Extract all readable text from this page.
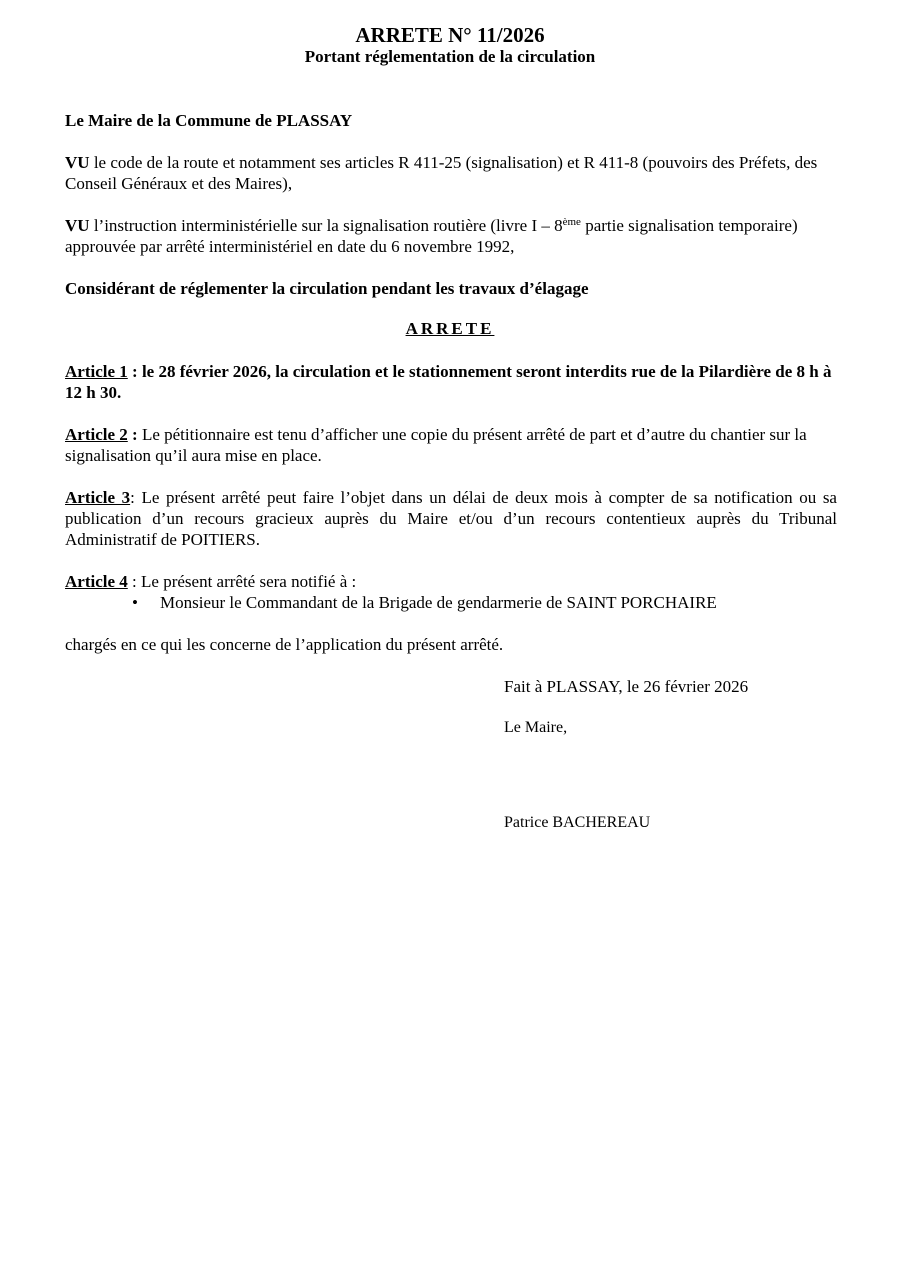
ARRETE N° 11/2026
Portant réglementation de la circulation
Le Maire de la Commune de PLASSAY
VU le code de la route et notamment ses articles R 411-25 (signalisation) et R 411-8 (pouvoirs des Préfets, des Conseil Généraux et des Maires),
VU l’instruction interministérielle sur la signalisation routière (livre I – 8ème partie signalisation temporaire) approuvée par arrêté interministériel en date du 6 novembre 1992,
Considérant de réglementer la circulation pendant les travaux d’élagage
ARRETE
Article 1 : le 28 février 2026, la circulation et le stationnement seront interdits rue de la Pilardière de 8 h à 12 h 30.
Article 2 : Le pétitionnaire est tenu d’afficher une copie du présent arrêté de part et d’autre du chantier sur la signalisation qu’il aura mise en place.
Article 3: Le présent arrêté peut faire l’objet dans un délai de deux mois à compter de sa notification ou sa publication d’un recours gracieux auprès du Maire et/ou d’un recours contentieux auprès du Tribunal Administratif de POITIERS.
Article 4 : Le présent arrêté sera notifié à :
• Monsieur le Commandant de la Brigade de gendarmerie de SAINT PORCHAIRE
chargés en ce qui les concerne de l’application du présent arrêté.
Fait à PLASSAY, le 26 février 2026
Le Maire,
Patrice BACHEREAU
